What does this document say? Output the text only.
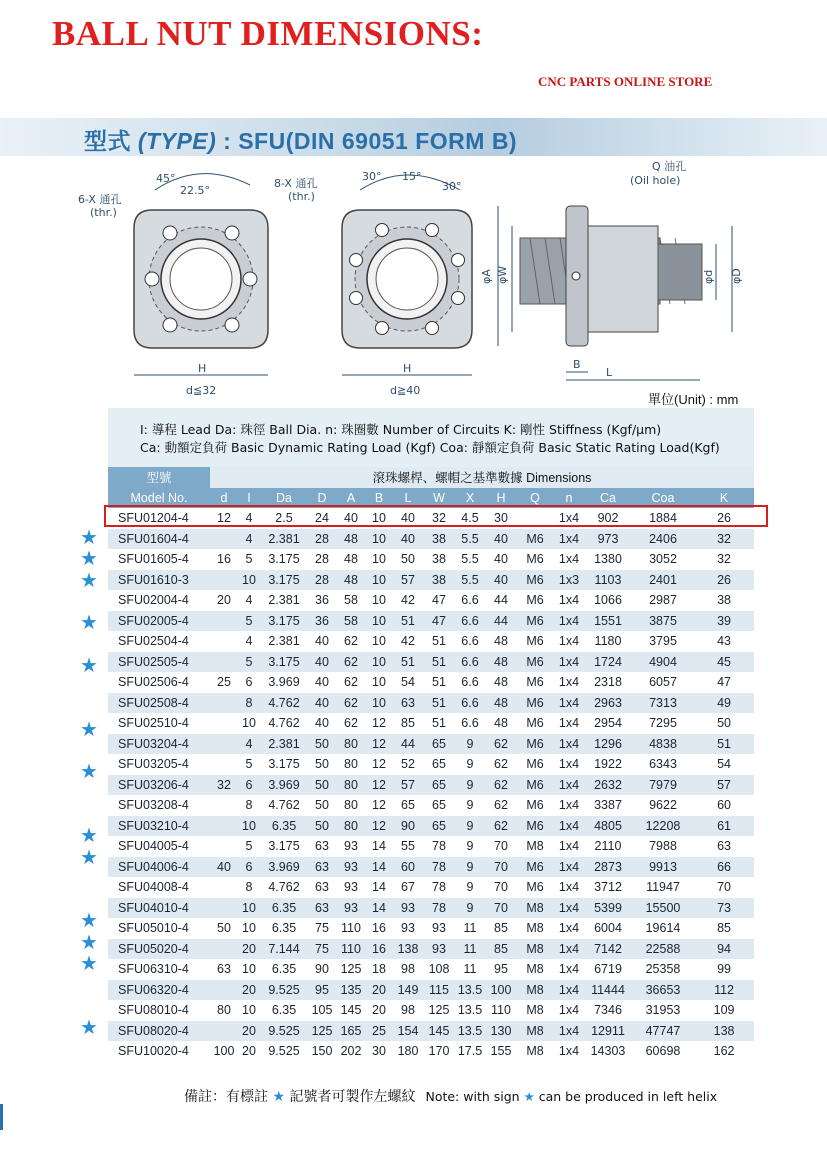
BALL NUT DIMENSIONS:
CNC PARTS ONLINE STORE
型式 (TYPE) : SFU(DIN 69051 FORM B)
6-X 通孔
(thr.)
45°
22.5°
H
d≦32
8-X 通孔
(thr.)
30° 15°
30°
H
d≧40
Q 油孔
(Oil hole)
φA φW	φd φD
B
L
單位(Unit) : mm
I: 導程 Lead Da: 珠徑 Ball Dia. n: 珠圈數 Number of Circuits K: 剛性 Stiffness (Kgf/μm)
Ca: 動額定負荷 Basic Dynamic Rating Load (Kgf) Coa: 靜額定負荷 Basic Static Rating Load(Kgf)
型號	滾珠螺桿、螺帽之基準數據 Dimensions														
Model No.	d	I	Da	D	A	B	L	W	X	H	Q	n	Ca	Coa	K
SFU01204-4	12	4	2.5	24	40	10	40	32	4.5	30		1x4	902	1884	26
SFU01604-4		4	2.381	28	48	10	40	38	5.5	40	M6	1x4	973	2406	32
SFU01605-4	16	5	3.175	28	48	10	50	38	5.5	40	M6	1x4	1380	3052	32
SFU01610-3		10	3.175	28	48	10	57	38	5.5	40	M6	1x3	1103	2401	26
SFU02004-4	20	4	2.381	36	58	10	42	47	6.6	44	M6	1x4	1066	2987	38
SFU02005-4		5	3.175	36	58	10	51	47	6.6	44	M6	1x4	1551	3875	39
SFU02504-4		4	2.381	40	62	10	42	51	6.6	48	M6	1x4	1180	3795	43
SFU02505-4		5	3.175	40	62	10	51	51	6.6	48	M6	1x4	1724	4904	45
SFU02506-4	25	6	3.969	40	62	10	54	51	6.6	48	M6	1x4	2318	6057	47
SFU02508-4		8	4.762	40	62	10	63	51	6.6	48	M6	1x4	2963	7313	49
SFU02510-4		10	4.762	40	62	12	85	51	6.6	48	M6	1x4	2954	7295	50
SFU03204-4		4	2.381	50	80	12	44	65	9	62	M6	1x4	1296	4838	51
SFU03205-4		5	3.175	50	80	12	52	65	9	62	M6	1x4	1922	6343	54
SFU03206-4	32	6	3.969	50	80	12	57	65	9	62	M6	1x4	2632	7979	57
SFU03208-4		8	4.762	50	80	12	65	65	9	62	M6	1x4	3387	9622	60
SFU03210-4		10	6.35	50	80	12	90	65	9	62	M6	1x4	4805	12208	61
SFU04005-4		5	3.175	63	93	14	55	78	9	70	M8	1x4	2110	7988	63
SFU04006-4	40	6	3.969	63	93	14	60	78	9	70	M6	1x4	2873	9913	66
SFU04008-4		8	4.762	63	93	14	67	78	9	70	M6	1x4	3712	11947	70
SFU04010-4		10	6.35	63	93	14	93	78	9	70	M8	1x4	5399	15500	73
SFU05010-4	50	10	6.35	75	110	16	93	93	11	85	M8	1x4	6004	19614	85
SFU05020-4		20	7.144	75	110	16	138	93	11	85	M8	1x4	7142	22588	94
SFU06310-4	63	10	6.35	90	125	18	98	108	11	95	M8	1x4	6719	25358	99
SFU06320-4		20	9.525	95	135	20	149	115	13.5	100	M8	1x4	11444	36653	112
SFU08010-4	80	10	6.35	105	145	20	98	125	13.5	110	M8	1x4	7346	31953	109
SFU08020-4		20	9.525	125	165	25	154	145	13.5	130	M8	1x4	12911	47747	138
SFU10020-4	100	20	9.525	150	202	30	180	170	17.5	155	M8	1x4	14303	60698	162
★
★
★
★
★
★
★
★
★
★
★
★
★
備註：有標註 ★ 記號者可製作左螺紋 Note: with sign ★ can be produced in left helix
